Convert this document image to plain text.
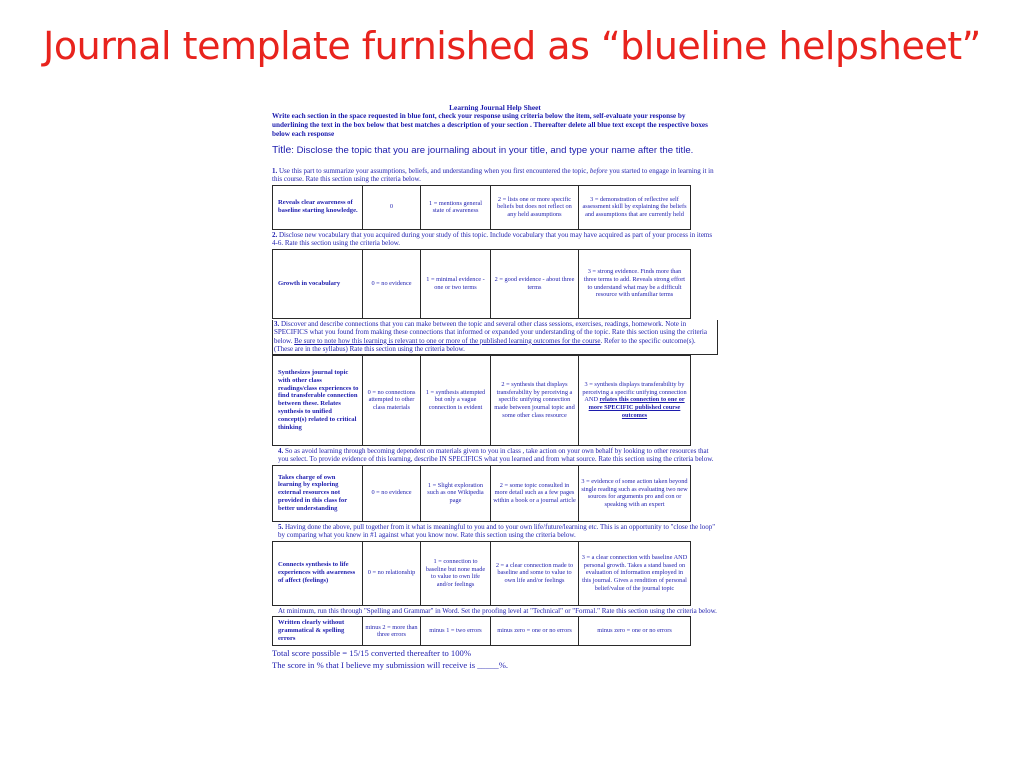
Journal template furnished as “blueline helpsheet”
Learning Journal Help Sheet
Write each section in the space requested in blue font, check your response using criteria below the item, self-evaluate your response by underlining the text in the box below that best matches a description of your section . Thereafter delete all blue text except the respective boxes below each response
Title: Disclose the topic that you are journaling about in your title, and type your name after the title.
1. Use this part to summarize your assumptions, beliefs, and understanding when you first encountered the topic, before you started to engage in learning it in this course. Rate this section using the criteria below.
Reveals clear awareness of baseline starting knowledge.	0	1 = mentions general state of awareness	2 = lists one or more specific beliefs but does not reflect on any held assumptions	3 = demonstration of reflective self assessment skill by explaining the beliefs and assumptions that are currently held
2. Disclose new vocabulary that you acquired during your study of this topic. Include vocabulary that you may have acquired as part of your process in items 4-6. Rate this section using the criteria below.
Growth in vocabulary	0 = no evidence	1 = minimal evidence - one or two terms	2 = good evidence - about three terms	3 = strong evidence. Finds more than three terms to add. Reveals strong effort to understand what may be a difficult resource with unfamiliar terms
3. Discover and describe connections that you can make between the topic and several other class sessions, exercises, readings, homework. Note in SPECIFICS what you found from making these connections that informed or expanded your understanding of the topic. Rate this section using the criteria below. Be sure to note how this learning is relevant to one or more of the published learning outcomes for the course. Refer to the specific outcome(s). (These are in the syllabus) Rate this section using the criteria below.
Synthesizes journal topic with other class readings/class experiences to find transferable connection between these. Relates synthesis to unified concept(s) related to critical thinking	0 = no connections attempted to other class materials	1 = synthesis attempted but only a vague connection is evident	2 = synthesis that displays transferability by perceiving a specific unifying connection made between journal topic and some other class resource	3 = synthesis displays transferability by perceiving a specific unifying connection AND relates this connection to one or more SPECIFIC published course outcomes
4. So as avoid learning through becoming dependent on materials given to you in class , take action on your own behalf by looking to other resources that you select. To provide evidence of this learning, describe IN SPECIFICS what you learned and from what source. Rate this section using the criteria below.
Takes charge of own learning by exploring external resources not provided in this class for better understanding	0 = no evidence	1 = Slight exploration such as one Wikipedia page	2 = some topic consulted in more detail such as a few pages within a book or a journal article	3 = evidence of some action taken beyond single reading such as evaluating two new sources for arguments pro and con or speaking with an expert
5. Having done the above, pull together from it what is meaningful to you and to your own life/future/learning etc. This is an opportunity to "close the loop" by comparing what you knew in #1 against what you know now. Rate this section using the criteria below.
Connects synthesis to life experiences with awareness of affect (feelings)	0 = no relationship	1 = connection to baseline but none made to value to own life and/or feelings	2 = a clear connection made to baseline and some to value to own life and/or feelings	3 = a clear connection with baseline AND personal growth. Takes a stand based on evaluation of information employed in this journal. Gives a rendition of personal belief/value of the journal topic
At minimum, run this through "Spelling and Grammar" in Word. Set the proofing level at "Technical" or "Formal." Rate this section using the criteria below.
Written clearly without grammatical & spelling errors	minus 2 = more than three errors	minus 1 = two errors	minus zero = one or no errors	minus zero = one or no errors
Total score possible = 15/15 converted thereafter to 100%
The score in % that I believe my submission will receive is _____%.
